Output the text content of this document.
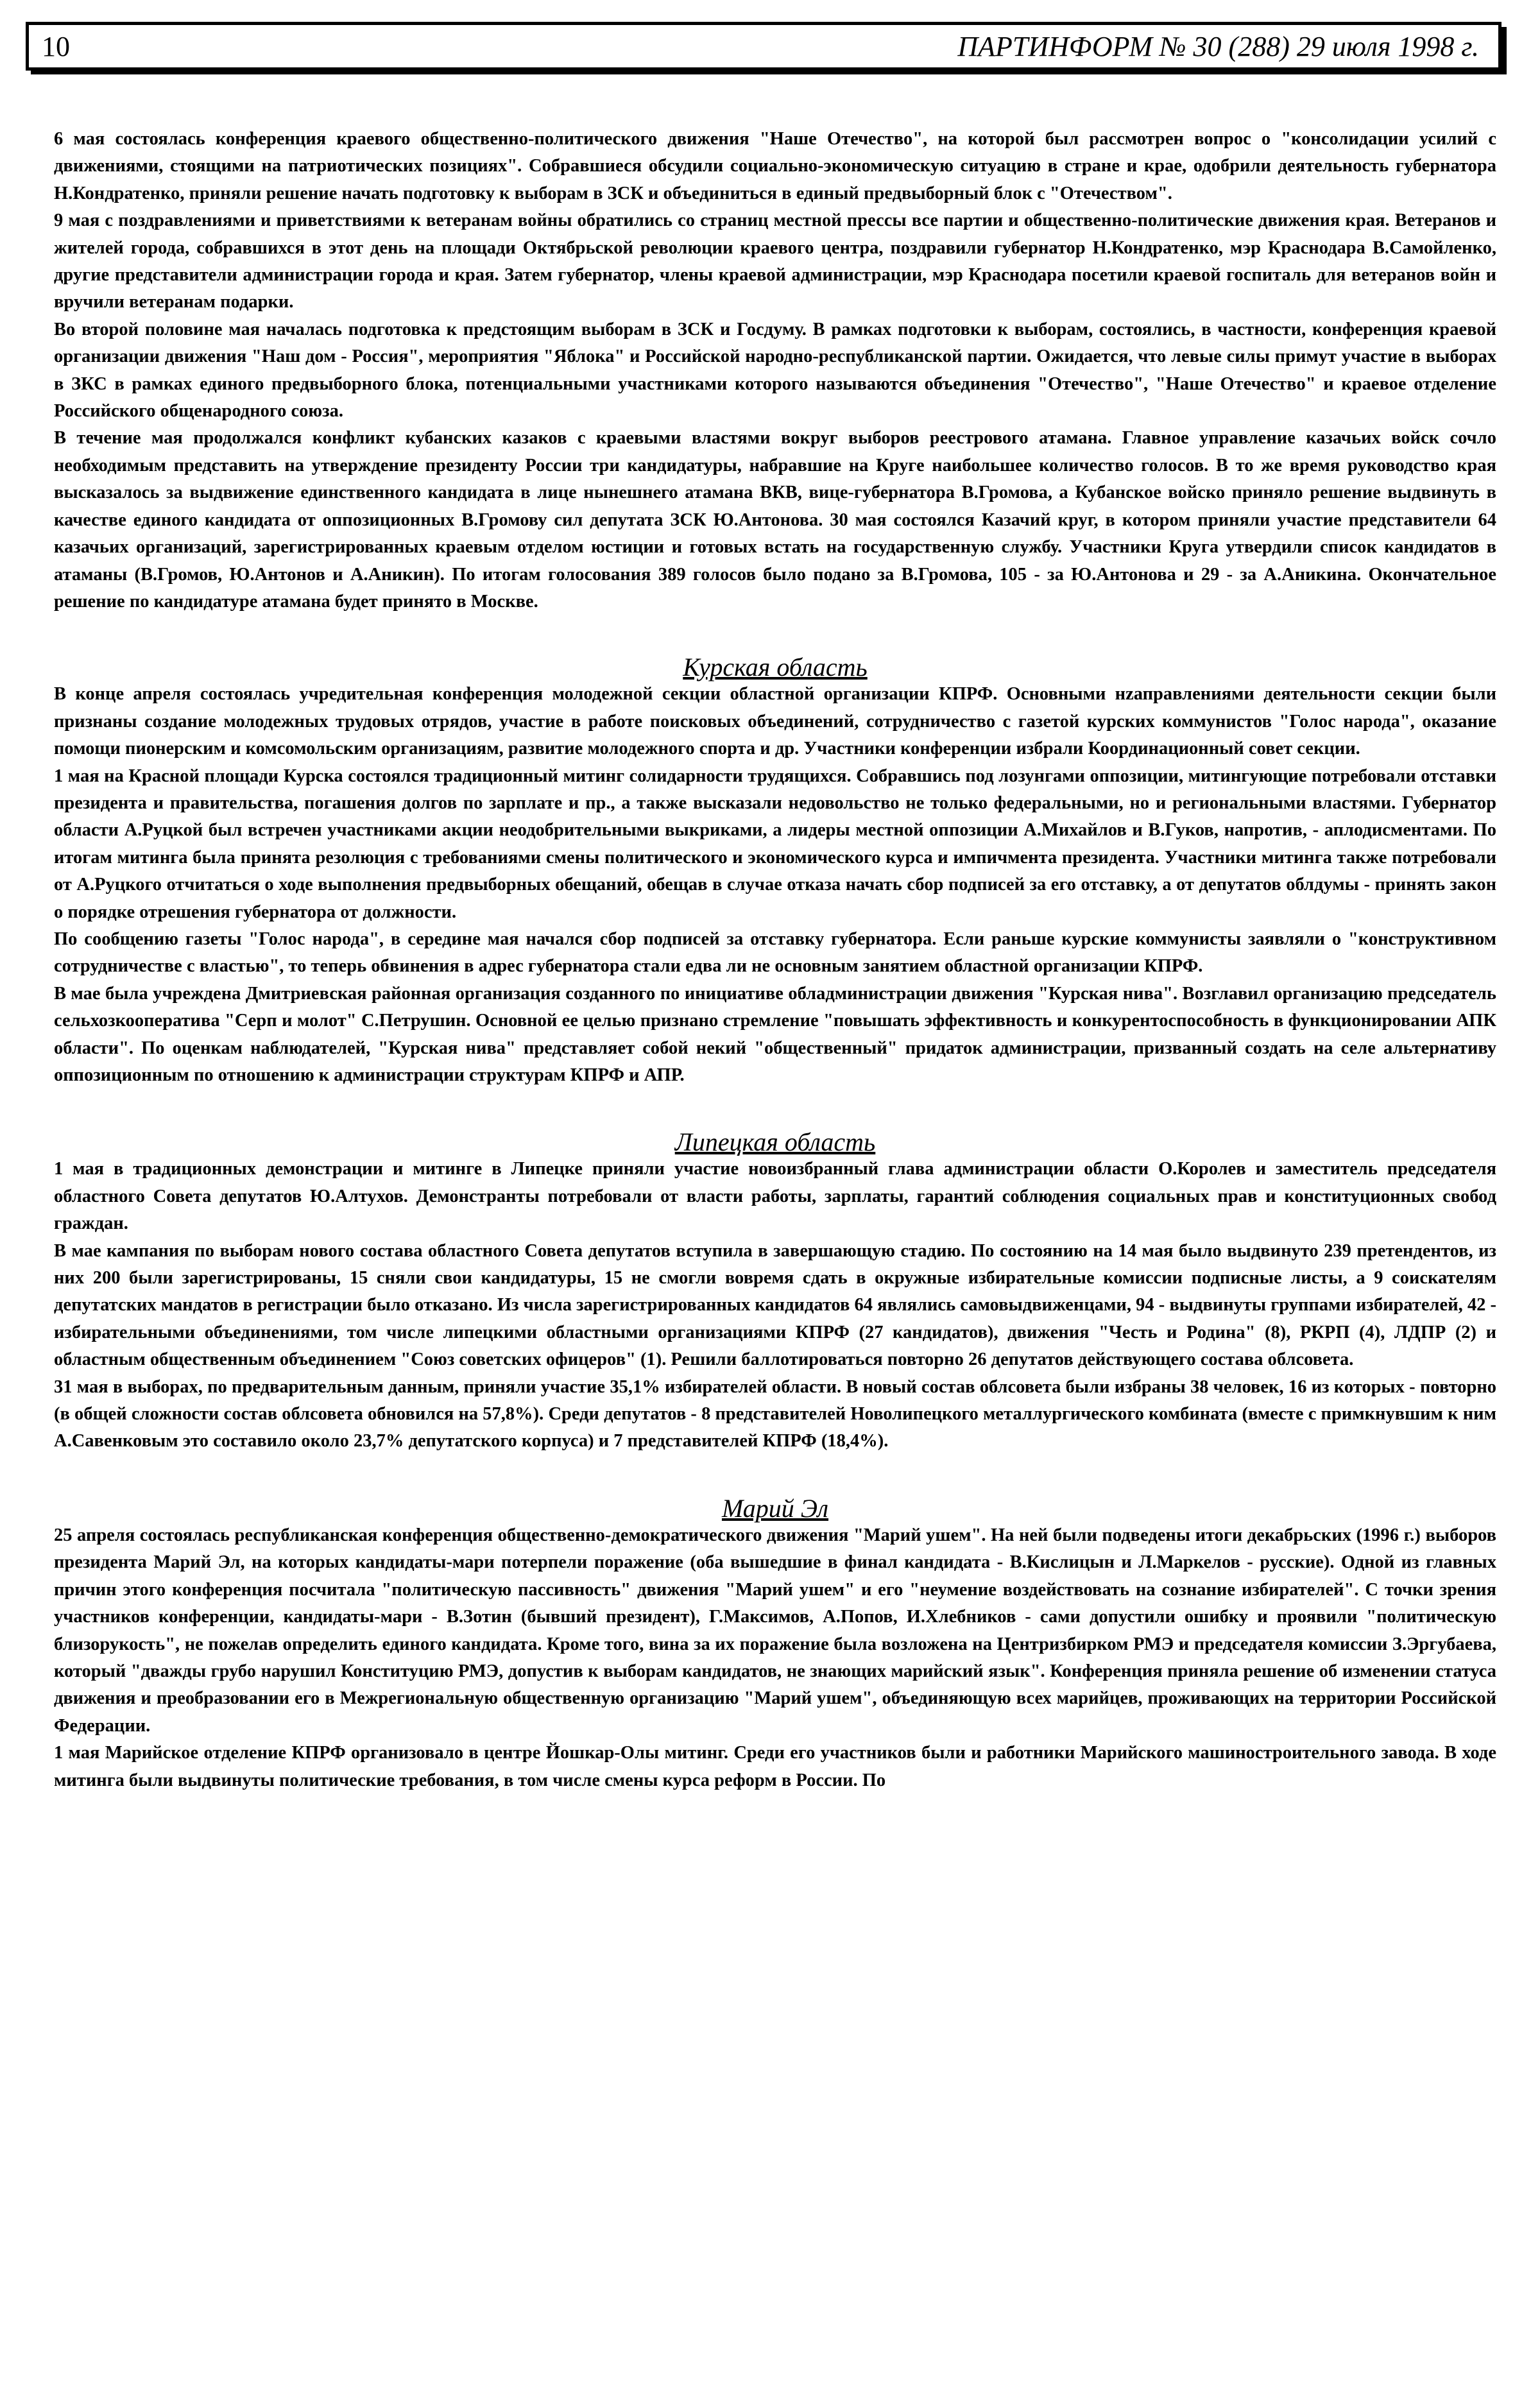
10	ПАРТИНФОРМ № 30 (288) 29 июля 1998 г.

6 мая состоялась конференция краевого общественно-политического движения "Наше Отечество", на которой был рассмотрен вопрос о "консолидации усилий с движениями, стоящими на патриотических позициях". Собравшиеся обсудили социально-экономическую ситуацию в стране и крае, одобрили деятельность губернатора Н.Кондратенко, приняли решение начать подготовку к выборам в ЗСК и объединиться в единый предвыборный блок с "Отечеством".

9 мая с поздравлениями и приветствиями к ветеранам войны обратились со страниц местной прессы все партии и общественно-политические движения края. Ветеранов и жителей города, собравшихся в этот день на площади Октябрьской революции краевого центра, поздравили губернатор Н.Кондратенко, мэр Краснодара В.Самойленко, другие представители администрации города и края. Затем губернатор, члены краевой администрации, мэр Краснодара посетили краевой госпиталь для ветеранов войн и вручили ветеранам подарки.

Во второй половине мая началась подготовка к предстоящим выборам в ЗСК и Госдуму. В рамках подготовки к выборам, состоялись, в частности, конференция краевой организации движения "Наш дом - Россия", мероприятия "Яблока" и Российской народно-республиканской партии. Ожидается, что левые силы примут участие в выборах в ЗКС в рамках единого предвыборного блока, потенциальными участниками которого называются объединения "Отечество", "Наше Отечество" и краевое отделение Российского общенародного союза.

В течение мая продолжался конфликт кубанских казаков с краевыми властями вокруг выборов реестрового атамана. Главное управление казачьих войск сочло необходимым представить на утверждение президенту России три кандидатуры, набравшие на Круге наибольшее количество голосов. В то же время руководство края высказалось за выдвижение единственного кандидата в лице нынешнего атамана ВКВ, вице-губернатора В.Громова, а Кубанское войско приняло решение выдвинуть в качестве единого кандидата от оппозиционных В.Громову сил депутата ЗСК Ю.Антонова. 30 мая состоялся Казачий круг, в котором приняли участие представители 64 казачьих организаций, зарегистрированных краевым отделом юстиции и готовых встать на государственную службу. Участники Круга утвердили список кандидатов в атаманы (В.Громов, Ю.Антонов и А.Аникин). По итогам голосования 389 голосов было подано за В.Громова, 105 - за Ю.Антонова и 29 - за А.Аникина. Окончательное решение по кандидатуре атамана будет принято в Москве.

Курская область

В конце апреля состоялась учредительная конференция молодежной секции областной организации КПРФ. Основными нzаправлениями деятельности секции были признаны создание молодежных трудовых отрядов, участие в работе поисковых объединений, сотрудничество с газетой курских коммунистов "Голос народа", оказание помощи пионерским и комсомольским организациям, развитие молодежного спорта и др. Участники конференции избрали Координационный совет секции.

1 мая на Красной площади Курска состоялся традиционный митинг солидарности трудящихся. Собравшись под лозунгами оппозиции, митингующие потребовали отставки президента и правительства, погашения долгов по зарплате и пр., а также высказали недовольство не только федеральными, но и региональными властями. Губернатор области А.Руцкой был встречен участниками акции неодобрительными выкриками, а лидеры местной оппозиции А.Михайлов и В.Гуков, напротив, - аплодисментами. По итогам митинга была принята резолюция с требованиями смены политического и экономического курса и импичмента президента. Участники митинга также потребовали от А.Руцкого отчитаться о ходе выполнения предвыборных обещаний, обещав в случае отказа начать сбор подписей за его отставку, а от депутатов облдумы - принять закон о порядке отрешения губернатора от должности.

По сообщению газеты "Голос народа", в середине мая начался сбор подписей за отставку губернатора. Если раньше курские коммунисты заявляли о "конструктивном сотрудничестве с властью", то теперь обвинения в адрес губернатора стали едва ли не основным занятием областной организации КПРФ.

В мае была учреждена Дмитриевская районная организация созданного по инициативе обладминистрации движения "Курская нива". Возглавил организацию председатель сельхозкооператива "Серп и молот" С.Петрушин. Основной ее целью признано стремление "повышать эффективность и конкурентоспособность в функционировании АПК области". По оценкам наблюдателей, "Курская нива" представляет собой некий "общественный" придаток администрации, призванный создать на селе альтернативу оппозиционным по отношению к администрации структурам КПРФ и АПР.

Липецкая область

1 мая в традиционных демонстрации и митинге в Липецке приняли участие новоизбранный глава администрации области О.Королев и заместитель председателя областного Совета депутатов Ю.Алтухов. Демонстранты потребовали от власти работы, зарплаты, гарантий соблюдения социальных прав и конституционных свобод граждан.

В мае кампания по выборам нового состава областного Совета депутатов вступила в завершающую стадию. По состоянию на 14 мая было выдвинуто 239 претендентов, из них 200 были зарегистрированы, 15 сняли свои кандидатуры, 15 не смогли вовремя сдать в окружные избирательные комиссии подписные листы, а 9 соискателям депутатских мандатов в регистрации было отказано. Из числа зарегистрированных кандидатов 64 являлись самовыдвиженцами, 94 - выдвинуты группами избирателей, 42 - избирательными объединениями, том числе липецкими областными организациями КПРФ (27 кандидатов), движения "Честь и Родина" (8), РКРП (4), ЛДПР (2) и областным общественным объединением "Союз советских офицеров" (1). Решили баллотироваться повторно 26 депутатов действующего состава облсовета.

31 мая в выборах, по предварительным данным, приняли участие 35,1% избирателей области. В новый состав облсовета были избраны 38 человек, 16 из которых - повторно (в общей сложности состав облсовета обновился на 57,8%). Среди депутатов - 8 представителей Новолипецкого металлургического комбината (вместе с примкнувшим к ним А.Савенковым это составило около 23,7% депутатского корпуса) и 7 представителей КПРФ (18,4%).

Марий Эл

25 апреля состоялась республиканская конференция общественно-демократического движения "Марий ушем". На ней были подведены итоги декабрьских (1996 г.) выборов президента Марий Эл, на которых кандидаты-мари потерпели поражение (оба вышедшие в финал кандидата - В.Кислицын и Л.Маркелов - русские). Одной из главных причин этого конференция посчитала "политическую пассивность" движения "Марий ушем" и его "неумение воздействовать на сознание избирателей". С точки зрения участников конференции, кандидаты-мари - В.Зотин (бывший президент), Г.Максимов, А.Попов, И.Хлебников - сами допустили ошибку и проявили "политическую близорукость", не пожелав определить единого кандидата. Кроме того, вина за их поражение была возложена на Центризбирком РМЭ и председателя комиссии З.Эргубаева, который "дважды грубо нарушил Конституцию РМЭ, допустив к выборам кандидатов, не знающих марийский язык". Конференция приняла решение об изменении статуса движения и преобразовании его в Межрегиональную общественную организацию "Марий ушем", объединяющую всех марийцев, проживающих на территории Российской Федерации.

1 мая Марийское отделение КПРФ организовало в центре Йошкар-Олы митинг. Среди его участников были и работники Марийского машиностроительного завода. В ходе митинга были выдвинуты политические требования, в том числе смены курса реформ в России. По
